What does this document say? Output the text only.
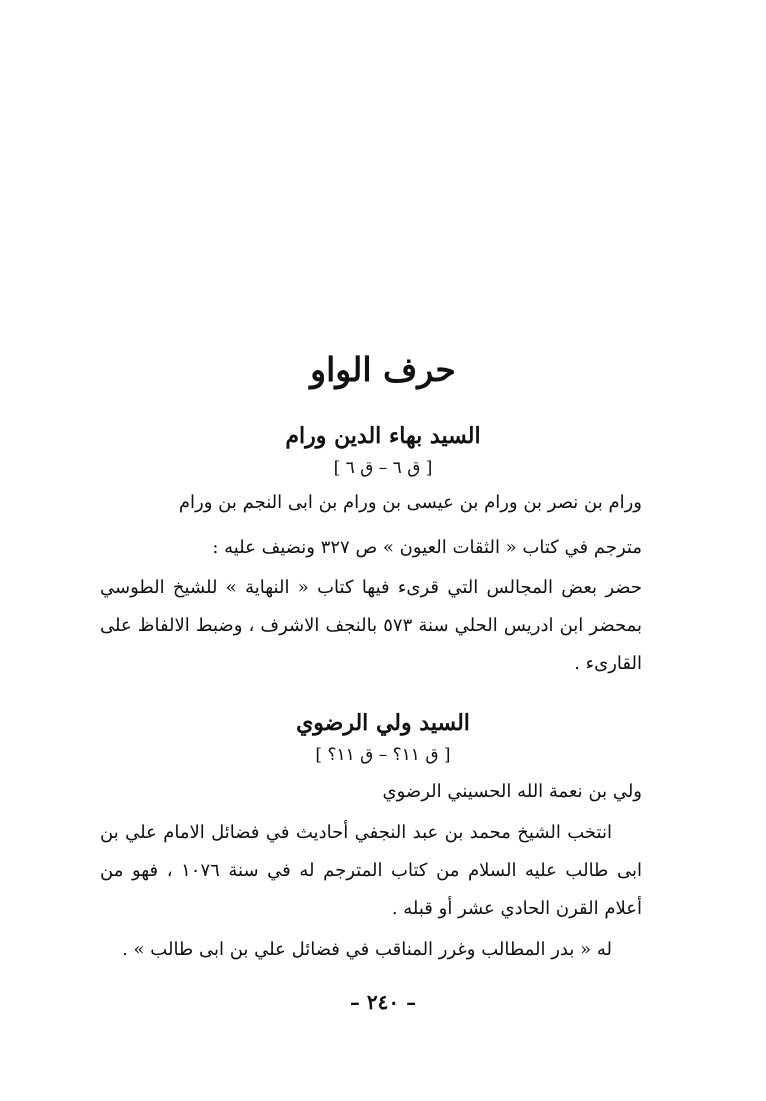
حرف الواو
السيد بهاء الدين ورام
[ ق ٦ – ق ٦ ]
ورام بن نصر بن ورام بن عيسى بن ورام بن ابى النجم بن ورام
مترجم في كتاب « الثقات العيون » ص ٣٢٧ ونضيف عليه :
حضر بعض المجالس التي قرىء فيها كتاب « النهاية » للشيخ الطوسي بمحضر ابن ادريس الحلي سنة ٥٧٣ بالنجف الاشرف ، وضبط الالفاظ على القارىء .
السيد ولي الرضوي
[ ق ١١؟ – ق ١١؟ ]
ولي بن نعمة الله الحسيني الرضوي
انتخب الشيخ محمد بن عبد النجفي أحاديث في فضائل الامام علي بن ابى طالب عليه السلام من كتاب المترجم له في سنة ١٠٧٦ ، فهو من أعلام القرن الحادي عشر أو قبله .
له « بدر المطالب وغرر المناقب في فضائل علي بن ابى طالب » .
– ٢٤٠ –
